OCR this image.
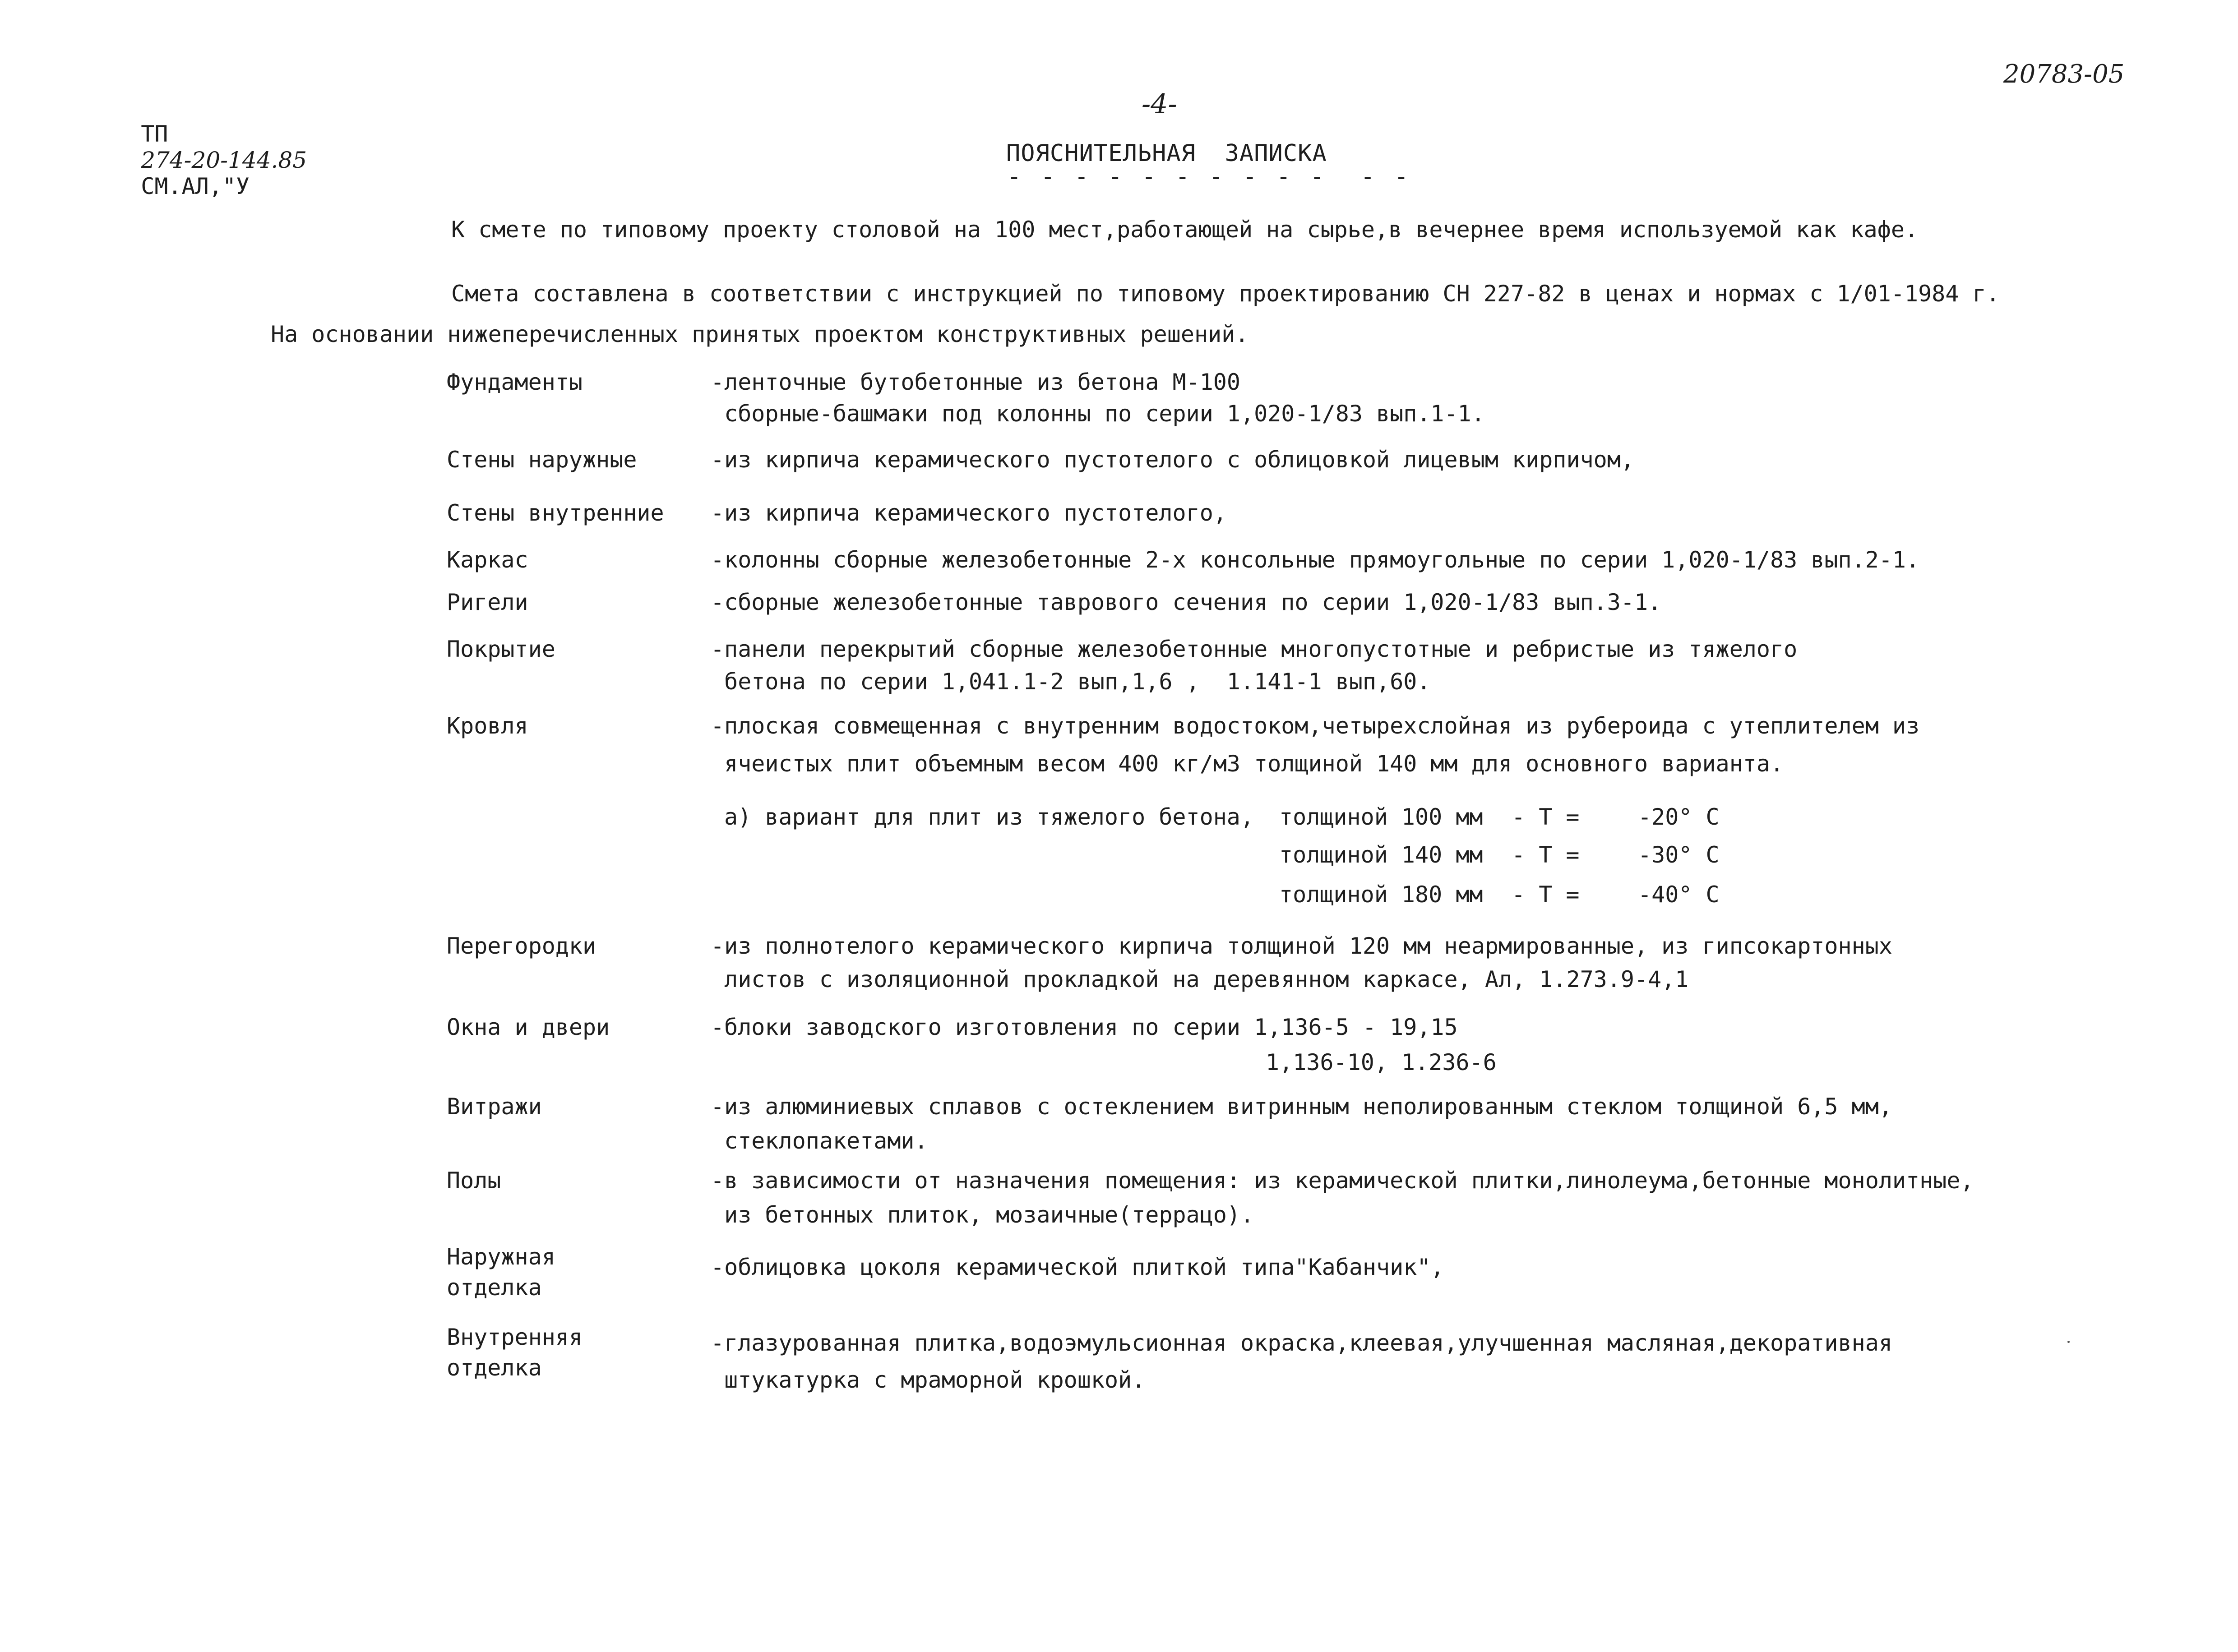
ТП
274-20-144.85
СМ.АЛ,"У

-4-
20783-05
ПОЯСНИТЕЛЬНАЯ  ЗАПИСКА
- - - - - - - - - -  - -
К смете по типовому проекту столовой на 100 мест,работающей на сырье,в вечернее время используемой как кафе.
Смета составлена в соответствии с инструкцией по типовому проектированию СН 227-82 в ценах и нормах с 1/01-1984 г.
На основании нижеперечисленных принятых проектом конструктивных решений.
Фундаменты	-ленточные бутобетонные из бетона М-100
сборные-башмаки под колонны по серии 1,020-1/83 вып.1-1.
Стены наружные	-из кирпича керамического пустотелого с облицовкой лицевым кирпичом,
Стены внутренние -из кирпича керамического пустотелого,
Каркас	-колонны сборные железобетонные 2-х консольные прямоугольные по серии 1,020-1/83 вып.2-1.
Ригели	-сборные железобетонные таврового сечения по серии 1,020-1/83 вып.3-1.
Покрытие	-панели перекрытий сборные железобетонные многопустотные и ребристые из тяжелого
бетона по серии 1,041.1-2 вып,1,6 ,  1.141-1 вып,60.
Кровля	-плоская совмещенная с внутренним водостоком,четырехслойная из рубероида с утеплителем из
ячеистых плит объемным весом 400 кг/м3 толщиной 140 мм для основного варианта.
а) вариант для плит из тяжелого бетона, толщиной 100 мм - Т =	-20° С
толщиной 140 мм - Т =	-30° С
толщиной 180 мм - Т =	-40° С
Перегородки	-из полнотелого керамического кирпича толщиной 120 мм неармированные, из гипсокартонных
листов с изоляционной прокладкой на деревянном каркасе, Ал, 1.273.9-4,1
Окна и двери	-блоки заводского изготовления по серии 1,136-5 - 19,15
1,136-10, 1.236-6
Витражи	-из алюминиевых сплавов с остеклением витринным неполированным стеклом толщиной 6,5 мм,
стеклопакетами.
Полы	-в зависимости от назначения помещения: из керамической плитки,линолеума,бетонные монолитные,
из бетонных плиток, мозаичные(террацо).
Наружная
отделка
-облицовка цоколя керамической плиткой типа"Кабанчик",
Внутренняя
отделка
-глазурованная плитка,водоэмульсионная окраска,клеевая,улучшенная масляная,декоративная
штукатурка с мраморной крошкой.
